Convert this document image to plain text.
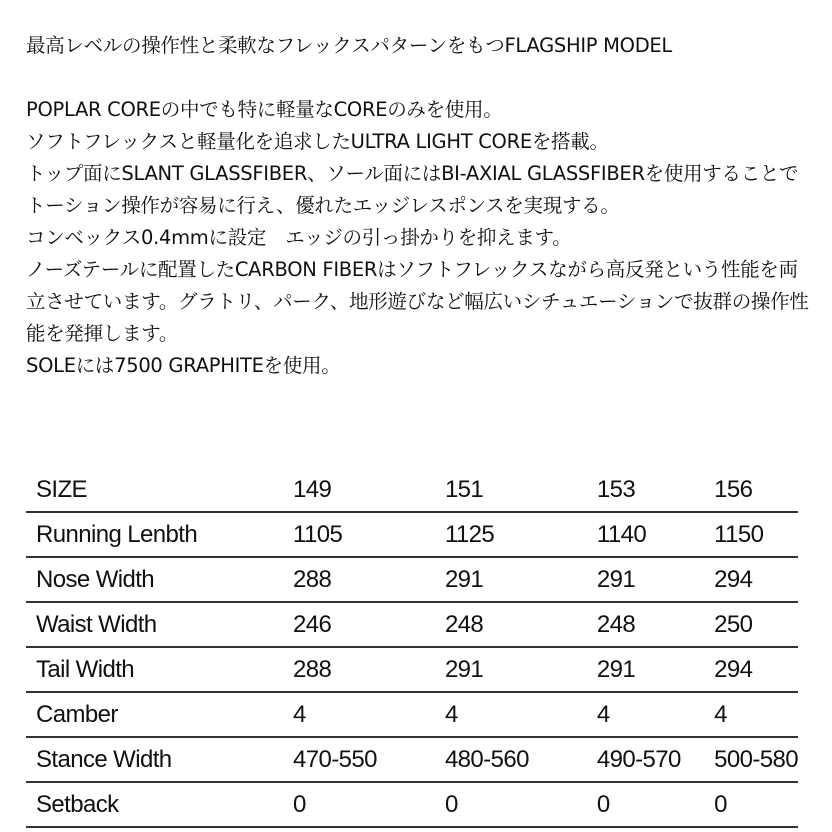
最高レベルの操作性と柔軟なフレックスパターンをもつFLAGSHIP MODEL

POPLAR COREの中でも特に軽量なCOREのみを使用。

ソフトフレックスと軽量化を追求したULTRA LIGHT COREを搭載。

トップ面にSLANT GLASSFIBER、ソール面にはBI-AXIAL GLASSFIBERを使用することでトーション操作が容易に行え、優れたエッジレスポンスを実現する。

コンベックス0.4mmに設定　エッジの引っ掛かりを抑えます。

ノーズテールに配置したCARBON FIBERはソフトフレックスながら高反発という性能を両立させています。グラトリ、パーク、地形遊びなど幅広いシチュエーションで抜群の操作性能を発揮します。

SOLEには7500 GRAPHITEを使用。

SIZE	149	151	153	156
Running Lenbth	1105	1125	1140	1150
Nose Width	288	291	291	294
Waist Width	246	248	248	250
Tail Width	288	291	291	294
Camber	4	4	4	4
Stance Width	470-550	480-560	490-570	500-580
Setback	0	0	0	0
